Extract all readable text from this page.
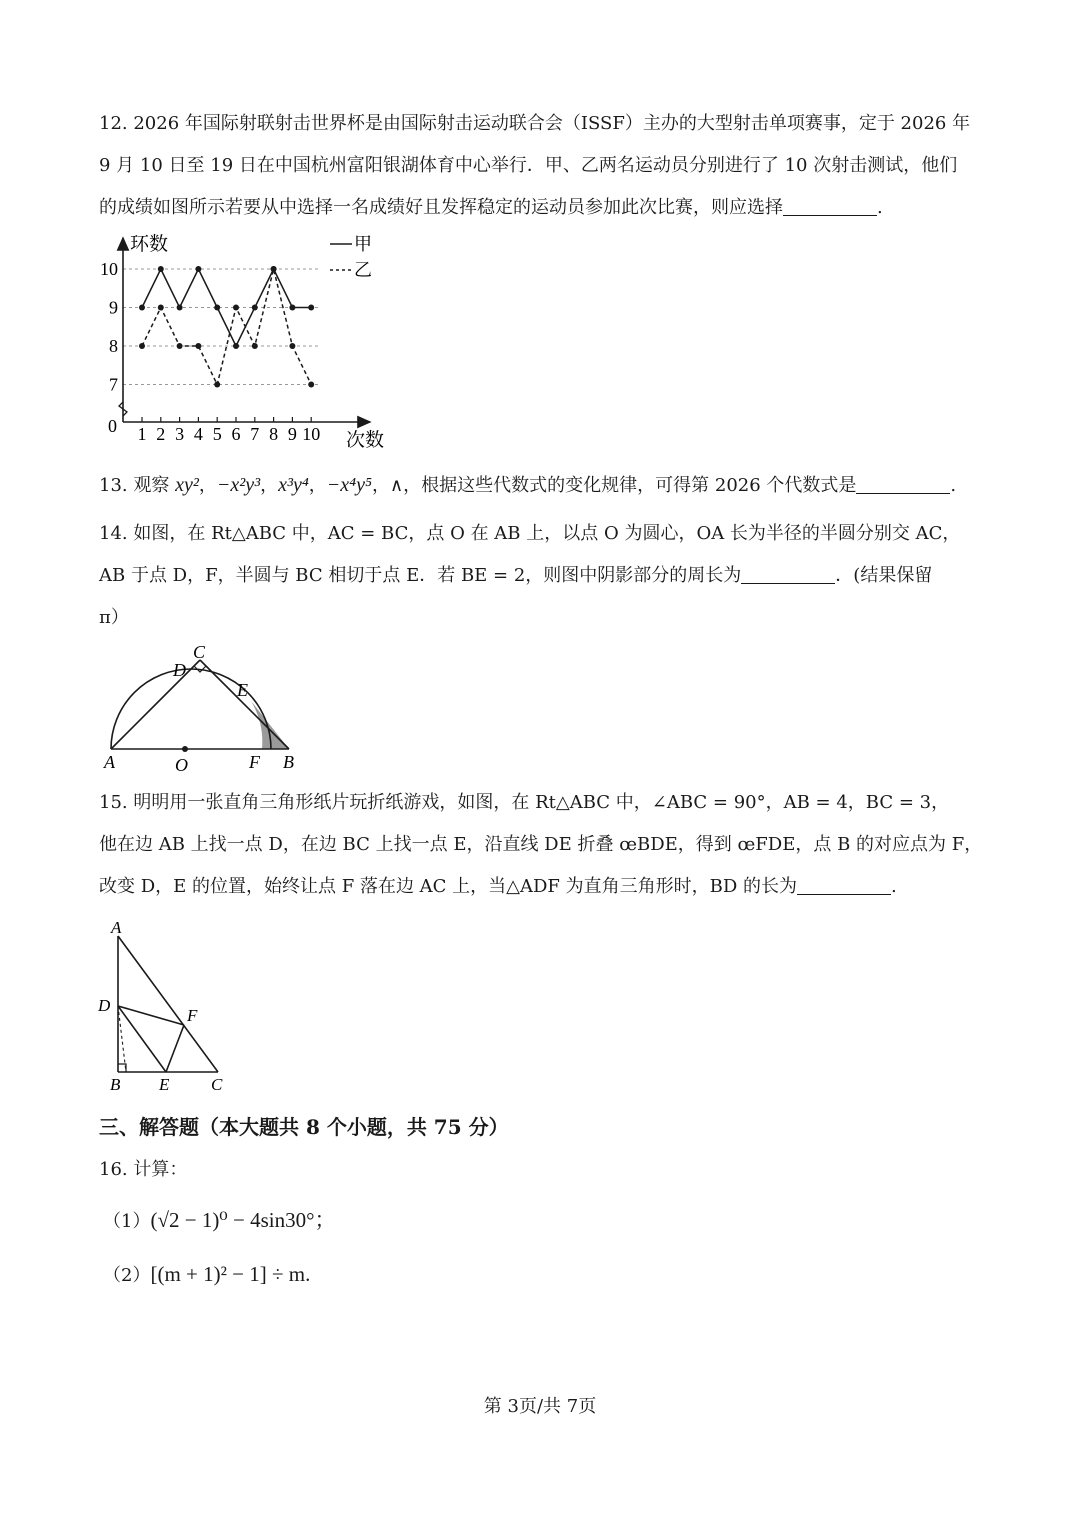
12. 2026 年国际射联射击世界杯是由国际射击运动联合会（ISSF）主办的大型射击单项赛事，定于 2026 年
9 月 10 日至 19 日在中国杭州富阳银湖体育中心举行．甲、乙两名运动员分别进行了 10 次射击测试，他们
的成绩如图所示若要从中选择一名成绩好且发挥稳定的运动员参加此次比赛，则应选择	.
环数
次数
0
10
9
8
7
1 2 3 4 5 6 7 8 9 10
甲
乙
13. 观察 xy²，−x²y³，x³y⁴，−x⁴y⁵，∧，根据这些代数式的变化规律，可得第 2026 个代数式是	.
14. 如图，在 Rt△ABC 中，AC = BC，点 O 在 AB 上，以点 O 为圆心，OA 长为半径的半圆分别交 AC，
AB 于点 D，F，半圆与 BC 相切于点 E．若 BE = 2，则图中阴影部分的周长为	．(结果保留
π）
A	O	F B
C
D
E
15. 明明用一张直角三角形纸片玩折纸游戏，如图，在 Rt△ABC 中，∠ABC = 90°，AB = 4，BC = 3，
他在边 AB 上找一点 D，在边 BC 上找一点 E，沿直线 DE 折叠 œBDE，得到 œFDE，点 B 的对应点为 F，
改变 D，E 的位置，始终让点 F 落在边 AC 上，当△ADF 为直角三角形时，BD 的长为	.
A
D
F
B E C
三、解答题（本大题共 8 个小题，共 75 分）
16. 计算：
（1）(√2 − 1)⁰ − 4sin30°；
（2）[(m + 1)² − 1] ÷ m.
第 3页/共 7页
